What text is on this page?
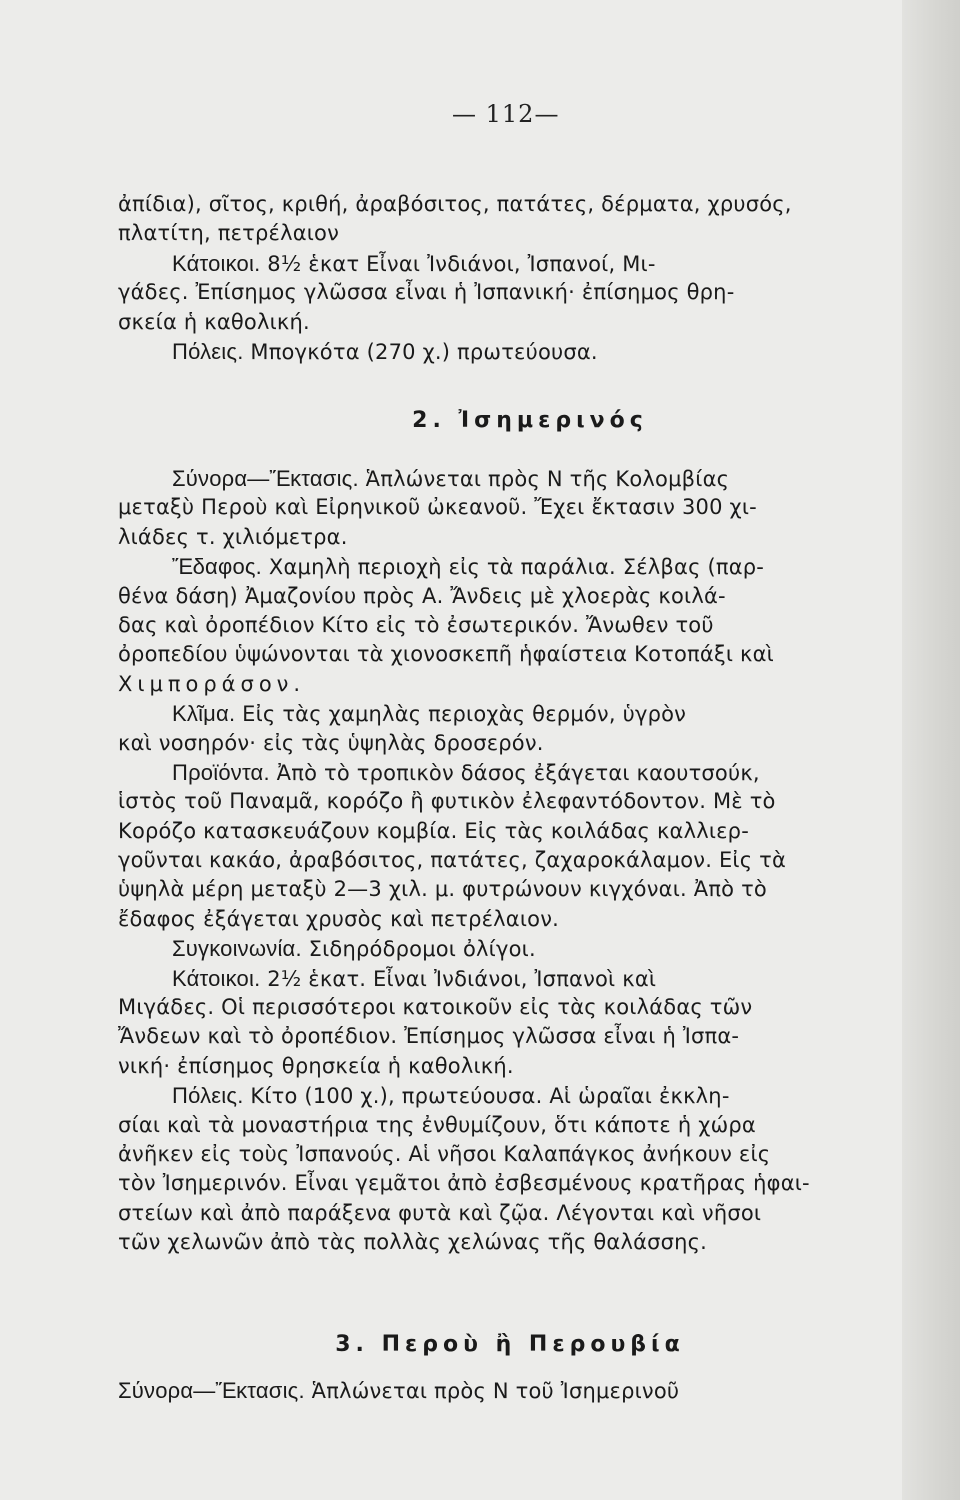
— 112—
ἀπίδια), σῖτος, κριθή, ἀραβόσιτος, πατάτες, δέρματα, χρυσός,
πλατίτη, πετρέλαιον
Κάτοικοι. 8½ ἑκατ Εἶναι Ἰνδιάνοι, Ἰσπανοί, Μι-
γάδες. Ἐπίσημος γλῶσσα εἶναι ἡ Ἰσπανική· ἐπίσημος θρη-
σκεία ἡ καθολική.
Πόλεις. Μπογκότα (270 χ.) πρωτεύουσα.
2. Ἰσημερινός
Σύνορα—Ἔκτασις. Ἁπλώνεται πρὸς Ν τῆς Κολομβίας
μεταξὺ Περοὺ καὶ Εἰρηνικοῦ ὠκεανοῦ. Ἔχει ἔκτασιν 300 χι-
λιάδες τ. χιλιόμετρα.
Ἔδαφος. Χαμηλὴ περιοχὴ εἰς τὰ παράλια. Σέλβας (παρ-
θένα δάση) Ἀμαζονίου πρὸς Α. Ἄνδεις μὲ χλοερὰς κοιλά-
δας καὶ ὀροπέδιον Κίτο εἰς τὸ ἐσωτερικόν. Ἄνωθεν τοῦ
ὀροπεδίου ὑψώνονται τὰ χιονοσκεπῆ ἡφαίστεια Κοτοπάξι καὶ
Χιμποράσον.
Κλῖμα. Εἰς τὰς χαμηλὰς περιοχὰς θερμόν, ὑγρὸν
καὶ νοσηρόν· εἰς τὰς ὑψηλὰς δροσερόν.
Προϊόντα. Ἀπὸ τὸ τροπικὸν δάσος ἐξάγεται καουτσούκ,
ἱστὸς τοῦ Παναμᾶ, κορόζο ἢ φυτικὸν ἐλεφαντόδοντον. Μὲ τὸ
Κορόζο κατασκευάζουν κομβία. Εἰς τὰς κοιλάδας καλλιερ-
γοῦνται κακάο, ἀραβόσιτος, πατάτες, ζαχαροκάλαμον. Εἰς τὰ
ὑψηλὰ μέρη μεταξὺ 2—3 χιλ. μ. φυτρώνουν κιγχόναι. Ἀπὸ τὸ
ἔδαφος ἐξάγεται χρυσὸς καὶ πετρέλαιον.
Συγκοινωνία. Σιδηρόδρομοι ὀλίγοι.
Κάτοικοι. 2½ ἑκατ. Εἶναι Ἰνδιάνοι, Ἰσπανοὶ καὶ
Μιγάδες. Οἱ περισσότεροι κατοικοῦν εἰς τὰς κοιλάδας τῶν
Ἄνδεων καὶ τὸ ὀροπέδιον. Ἐπίσημος γλῶσσα εἶναι ἡ Ἰσπα-
νική· ἐπίσημος θρησκεία ἡ καθολική.
Πόλεις. Κίτο (100 χ.), πρωτεύουσα. Αἱ ὡραῖαι ἐκκλη-
σίαι καὶ τὰ μοναστήρια της ἐνθυμίζουν, ὅτι κάποτε ἡ χώρα
ἀνῆκεν εἰς τοὺς Ἰσπανούς. Αἱ νῆσοι Καλαπάγκος ἀνήκουν εἰς
τὸν Ἰσημερινόν. Εἶναι γεμᾶτοι ἀπὸ ἐσβεσμένους κρατῆρας ἡφαι-
στείων καὶ ἀπὸ παράξενα φυτὰ καὶ ζῷα. Λέγονται καὶ νῆσοι
τῶν χελωνῶν ἀπὸ τὰς πολλὰς χελώνας τῆς θαλάσσης.
3. Περοὺ ἢ Περουβία
Σύνορα—Ἔκτασις. Ἁπλώνεται πρὸς Ν τοῦ Ἰσημερινοῦ
